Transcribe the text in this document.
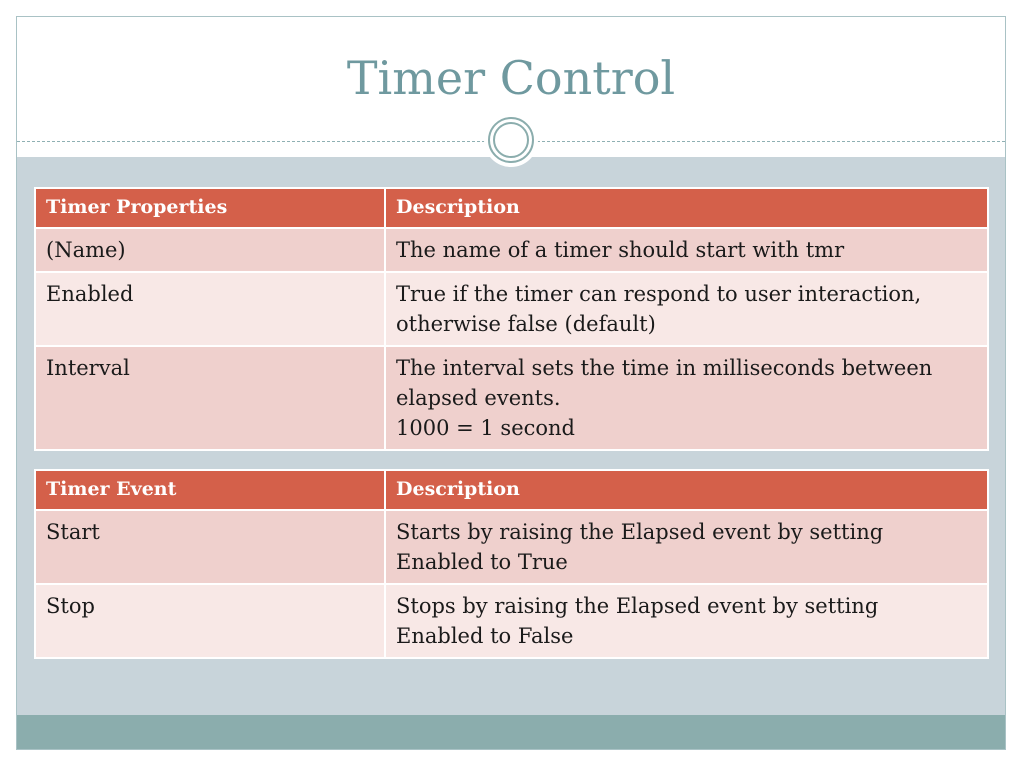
Timer Control
Timer Properties	Description
(Name)	The name of a timer should start with tmr

Enabled	True if the timer can respond to user interaction,
otherwise false (default)

Interval	The interval sets the time in milliseconds between
elapsed events.
1000 = 1 second
Timer Event	Description
Start	Starts by raising the Elapsed event by setting
Enabled to True

Stop	Stops by raising the Elapsed event by setting
Enabled to False
